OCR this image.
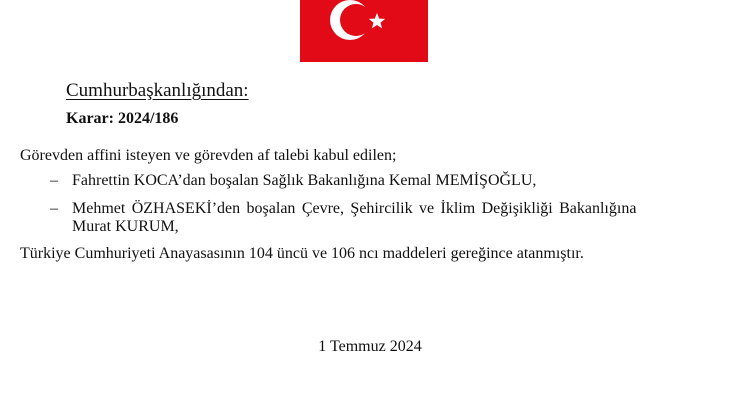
Cumhurbaşkanlığından:
Karar: 2024/186
Görevden affini isteyen ve görevden af talebi kabul edilen;
– Fahrettin KOCA’dan boşalan Sağlık Bakanlığına Kemal MEMİŞOĞLU,
– Mehmet ÖZHASEKİ’den boşalan Çevre, Şehircilik ve İklim Değişikliği Bakanlığına
Murat KURUM,
Türkiye Cumhuriyeti Anayasasının 104 üncü ve 106 ncı maddeleri gereğince atanmıştır.
1 Temmuz 2024
